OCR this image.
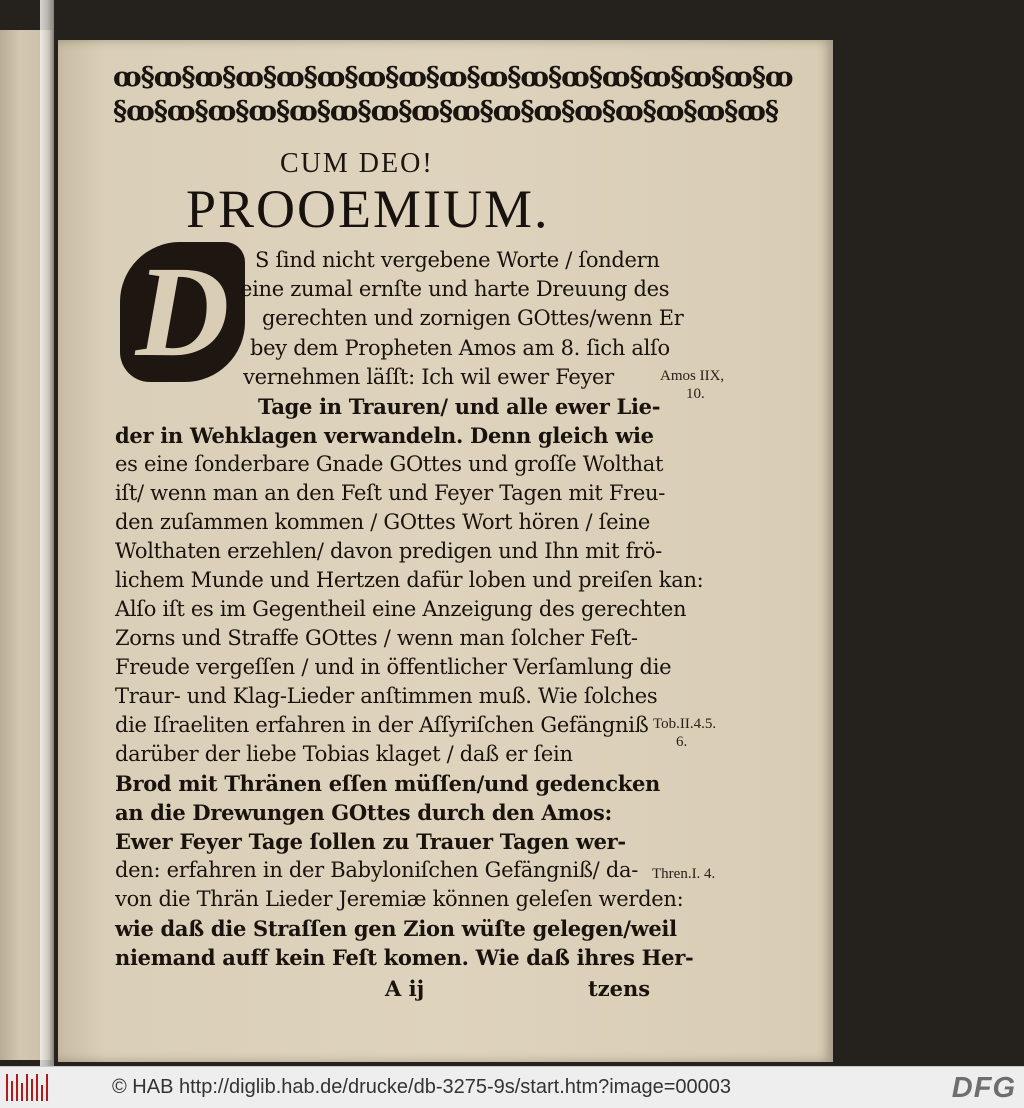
ꝏ§ꝏ§ꝏ§ꝏ§ꝏ§ꝏ§ꝏ§ꝏ§ꝏ§ꝏ§ꝏ§ꝏ§ꝏ§ꝏ§ꝏ§ꝏ§ꝏ
§ꝏ§ꝏ§ꝏ§ꝏ§ꝏ§ꝏ§ꝏ§ꝏ§ꝏ§ꝏ§ꝏ§ꝏ§ꝏ§ꝏ§ꝏ§ꝏ§
CUM DEO!
PROOEMIUM.
D	S ſind nicht vergebene Worte / ſondern
eine zumal ernſte und harte Dreuung des
gerechten und zornigen GOttes/wenn Er
bey dem Propheten Amos am 8. ſich alſo
vernehmen läſſt: Ich wil ewer Feyer
Tage in Trauren/ und alle ewer Lie-
der in Wehklagen verwandeln. Denn gleich wie
es eine ſonderbare Gnade GOttes und groſſe Wolthat
iſt/ wenn man an den Feſt und Feyer Tagen mit Freu-
den zuſammen kommen / GOttes Wort hören / ſeine
Wolthaten erzehlen/ davon predigen und Ihn mit frö-
lichem Munde und Hertzen dafür loben und preiſen kan:
Alſo iſt es im Gegentheil eine Anzeigung des gerechten
Zorns und Straffe GOttes / wenn man ſolcher Feſt-
Freude vergeſſen / und in öffentlicher Verſamlung die
Traur- und Klag-Lieder anſtimmen muß. Wie ſolches
die Iſraeliten erfahren in der Aſſyriſchen Gefängniß
darüber der liebe Tobias klaget / daß er ſein
Brod mit Thränen eſſen müſſen/und gedencken
an die Drewungen GOttes durch den Amos:
Ewer Feyer Tage ſollen zu Trauer Tagen wer-
den: erfahren in der Babyloniſchen Gefängniß/ da-
von die Thrän Lieder Jeremiæ können geleſen werden:
wie daß die Straſſen gen Zion wüſte gelegen/weil
niemand auff kein Feſt komen. Wie daß ihres Her-
A ij	tzens
Amos IIX,
10.
Tob.II.4.5.
6.
Thren.I. 4.
© HAB http://diglib.hab.de/drucke/db-3275-9s/start.htm?image=00003	DFG
